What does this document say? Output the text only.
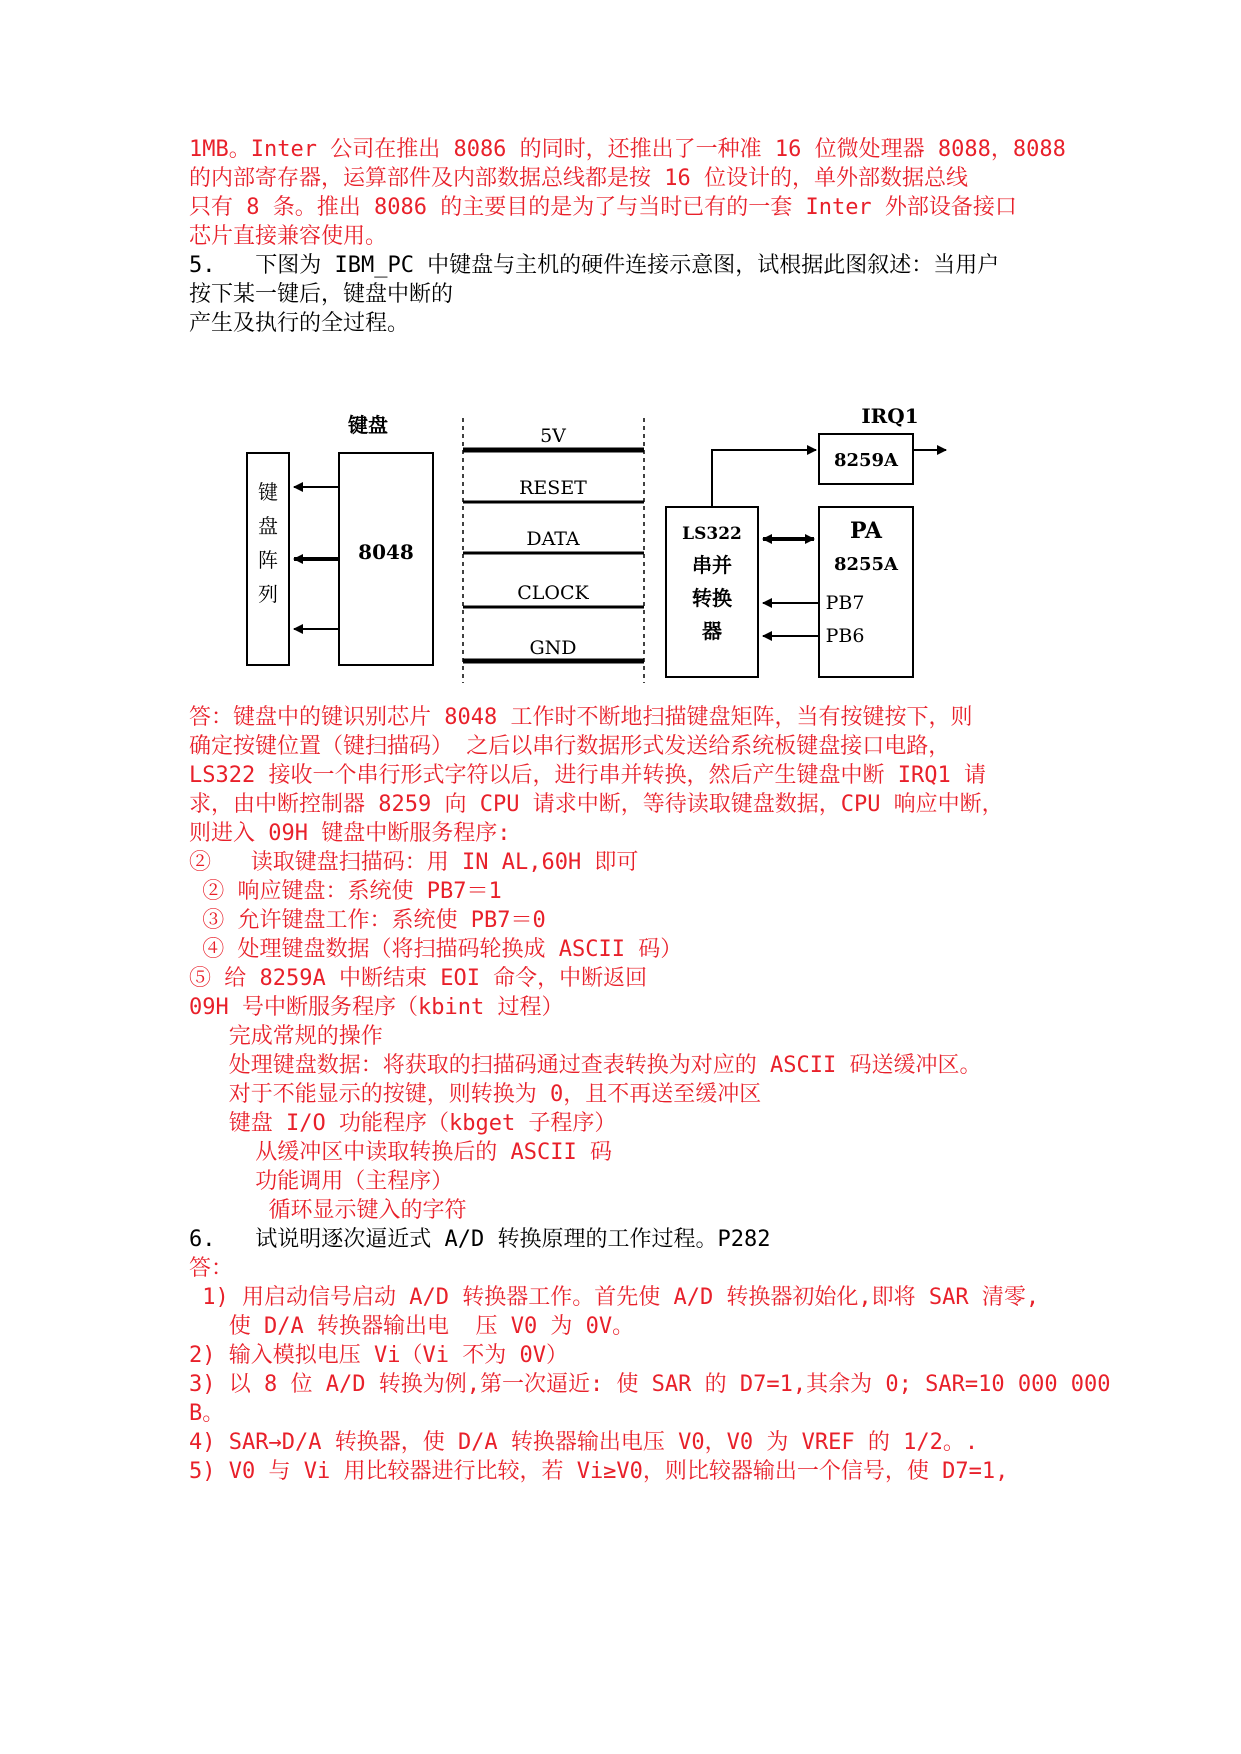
1MB。Inter 公司在推出 8086 的同时，还推出了一种准 16 位微处理器 8088，8088
的内部寄存器，运算部件及内部数据总线都是按 16 位设计的，单外部数据总线
只有 8 条。推出 8086 的主要目的是为了与当时已有的一套 Inter 外部设备接口
芯片直接兼容使用。
5.   下图为 IBM_PC 中键盘与主机的硬件连接示意图，试根据此图叙述：当用户
按下某一键后，键盘中断的
产生及执行的全过程。
键盘
键
盘
阵
列
8048
5V
RESET
DATA
CLOCK
GND
LS322
串并
转换
器
8259A
IRQ1
PA
8255A
PB7
PB6
答：键盘中的键识别芯片 8048 工作时不断地扫描键盘矩阵，当有按键按下，则
确定按键位置（键扫描码） 之后以串行数据形式发送给系统板键盘接口电路，
LS322 接收一个串行形式字符以后，进行串并转换，然后产生键盘中断 IRQ1 请
求，由中断控制器 8259 向 CPU 请求中断，等待读取键盘数据，CPU 响应中断，
则进入 09H 键盘中断服务程序:
②   读取键盘扫描码：用 IN AL,60H 即可
② 响应键盘：系统使 PB7＝1
③ 允许键盘工作：系统使 PB7＝0
④ 处理键盘数据（将扫描码轮换成 ASCII 码）
⑤ 给 8259A 中断结束 EOI 命令，中断返回
09H 号中断服务程序（kbint 过程）
完成常规的操作
处理键盘数据：将获取的扫描码通过查表转换为对应的 ASCII 码送缓冲区。
对于不能显示的按键，则转换为 0，且不再送至缓冲区
键盘 I/O 功能程序（kbget 子程序）
从缓冲区中读取转换后的 ASCII 码
功能调用（主程序）
循环显示键入的字符
6.   试说明逐次逼近式 A/D 转换原理的工作过程。P282
答：
1) 用启动信号启动 A/D 转换器工作。首先使 A/D 转换器初始化,即将 SAR 清零,
使 D/A 转换器输出电  压 V0 为 0V。
2) 输入模拟电压 Vi（Vi 不为 0V）
3) 以 8 位 A/D 转换为例,第一次逼近: 使 SAR 的 D7=1,其余为 0; SAR=10 000 000
B。
4) SAR→D/A 转换器，使 D/A 转换器输出电压 V0，V0 为 VREF 的 1/2。.
5) V0 与 Vi 用比较器进行比较，若 Vi≥V0，则比较器输出一个信号，使 D7=1,
